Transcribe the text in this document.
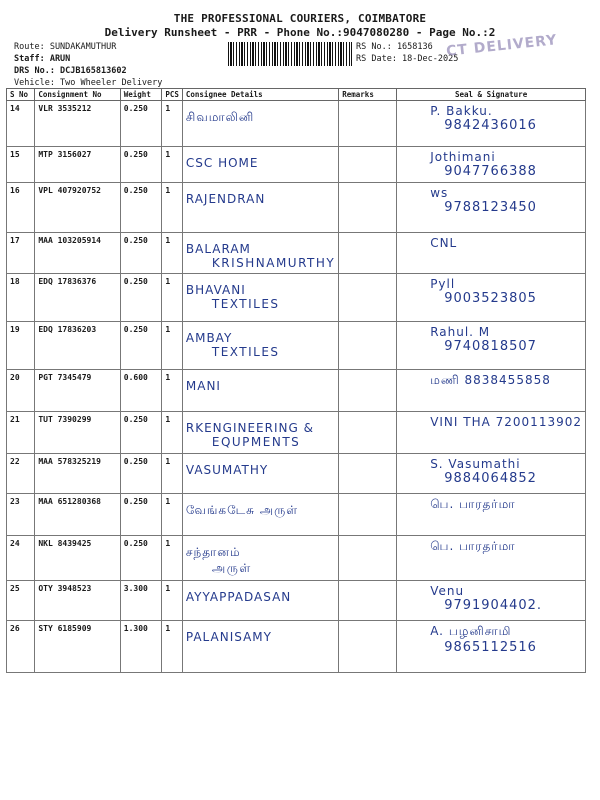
THE PROFESSIONAL COURIERS, COIMBATORE
Delivery Runsheet - PRR - Phone No.:9047080280 - Page No.:2
Route: SUNDAKAMUTHUR
Staff: ARUN
DRS No.: DCJB165813602
Vehicle: Two Wheeler Delivery
RS No.: 1658136
RS Date: 18-Dec-2025
CT DELIVERY
S No	Consignment No	Weight	PCS	Consignee Details	Remarks	Seal & Signature
14	VLR 3535212	0.250	1	சிவமாலினி		P. Bakku.
9842436016

15	MTP 3156027	0.250	1	CSC HOME		Jothimani
9047766388

16	VPL 407920752	0.250	1	RAJENDRAN		ws
9788123450

17	MAA 103205914	0.250	1	BALARAM
KRISHNAMURTHY		CNL

18	EDQ 17836376	0.250	1	BHAVANI
TEXTILES		Pyll
9003523805

19	EDQ 17836203	0.250	1	AMBAY
TEXTILES		Rahul. M
9740818507

20	PGT 7345479	0.600	1	MANI		மணி 8838455858

21	TUT 7390299	0.250	1	RKENGINEERING &
EQUPMENTS		VINI THA 7200113902

22	MAA 578325219	0.250	1	VASUMATHY		S. Vasumathi
9884064852

23	MAA 651280368	0.250	1	வேங்கடேசு அருள்		பெ. பாரதர்மா

24	NKL 8439425	0.250	1	சந்தானம்
அருள்		பெ. பாரதர்மா

25	OTY 3948523	3.300	1	AYYAPPADASAN		Venu
9791904402.

26	STY 6185909	1.300	1	PALANISAMY		A. பழனிசாமி
9865112516
